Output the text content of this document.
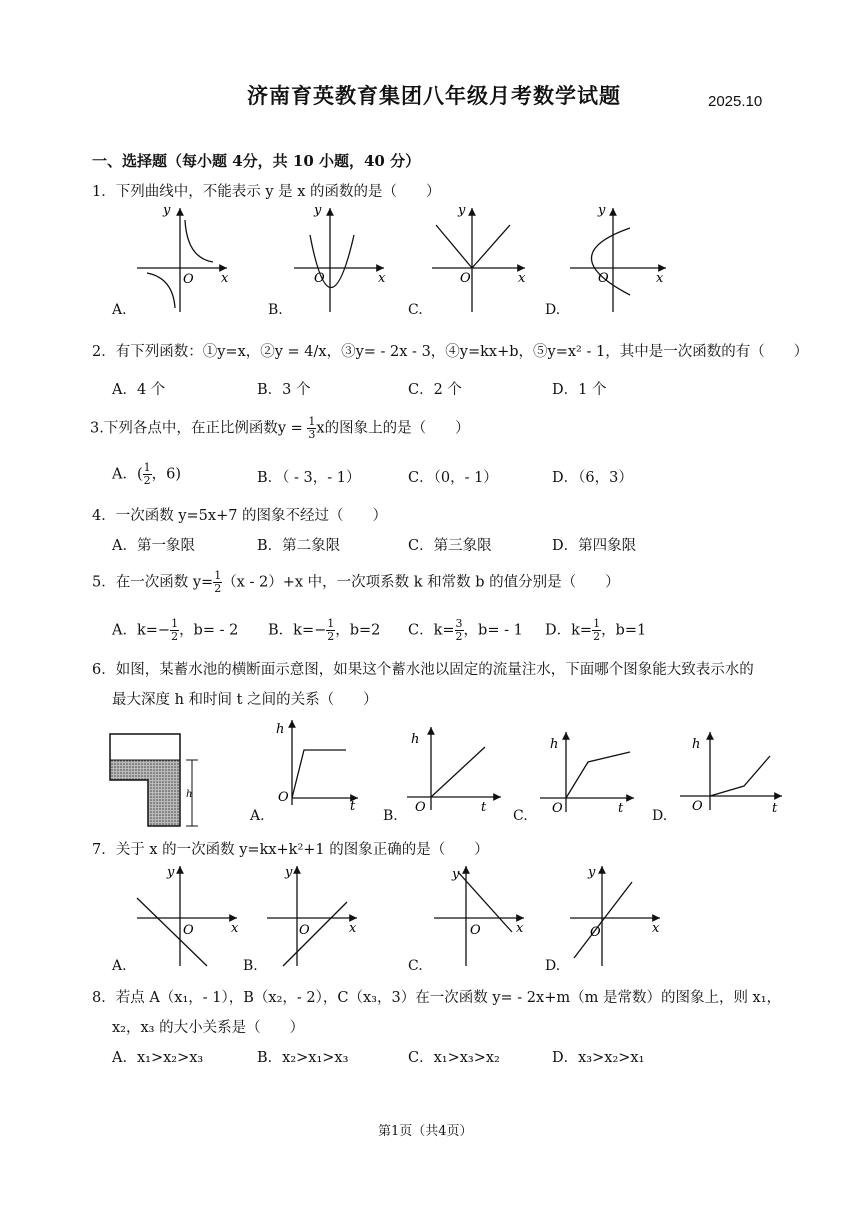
济南育英教育集团八年级月考数学试题	2025.10
一、选择题（每小题 4分，共 10 小题，40 分）
1．下列曲线中，不能表示 y 是 x 的函数的是（　　）
y
O x
y
O	x
y
O	x
y
O	x
A.	B.	C.	D.
2．有下列函数：①y=x，②y = 4/x，③y= - 2x - 3，④y=kx+b，⑤y=x² - 1，其中是一次函数的有（　　）
A．4 个	B．3 个	C．2 个	D．1 个
3.下列各点中，在正比例函数$y = \frac{1}{3}$ x的图象上的是（　　）
A．( $\frac{1}{2}$ ，6)	B．（ - 3，- 1）	C．（0，- 1）	D．（6，3）
4．一次函数 y=5x+7 的图象不经过（　　）
A．第一象限	B．第二象限	C．第三象限	D．第四象限
5．在一次函数 $y= \frac{1}{2} (x - 2)+x$ 中，一次项系数 k 和常数 b 的值分别是（　　）
A．$k=- \frac{1}{2}$ ，b= - 2 B．$k=- \frac{1}{2}$ ，b=2 C．$k= \frac{3}{2}$ ，b= - 1 D．$k= \frac{1}{2}$ ，b=1
6．如图，某蓄水池的横断面示意图，如果这个蓄水池以固定的流量注水，下面哪个图象能大致表示水的
最大深度 h 和时间 t 之间的关系（　　）
h
h
O
t
h
O	t
h
O	t
h
O	t
A.	B.	C.	D.
7．关于 x 的一次函数 y=kx+k²+1 的图象正确的是（　　）
y
O	x
y
O	x
y
O	x
y
O	x
A.	B.	C.	D.
8．若点 A（x₁，- 1），B（x₂，- 2），C（x₃，3）在一次函数 y= - 2x+m（m 是常数）的图象上，则 x₁，
x₂，x₃ 的大小关系是（　　）
A．x₁>x₂>x₃	B．x₂>x₁>x₃	C．x₁>x₃>x₂	D．x₃>x₂>x₁
第1页（共4页）
